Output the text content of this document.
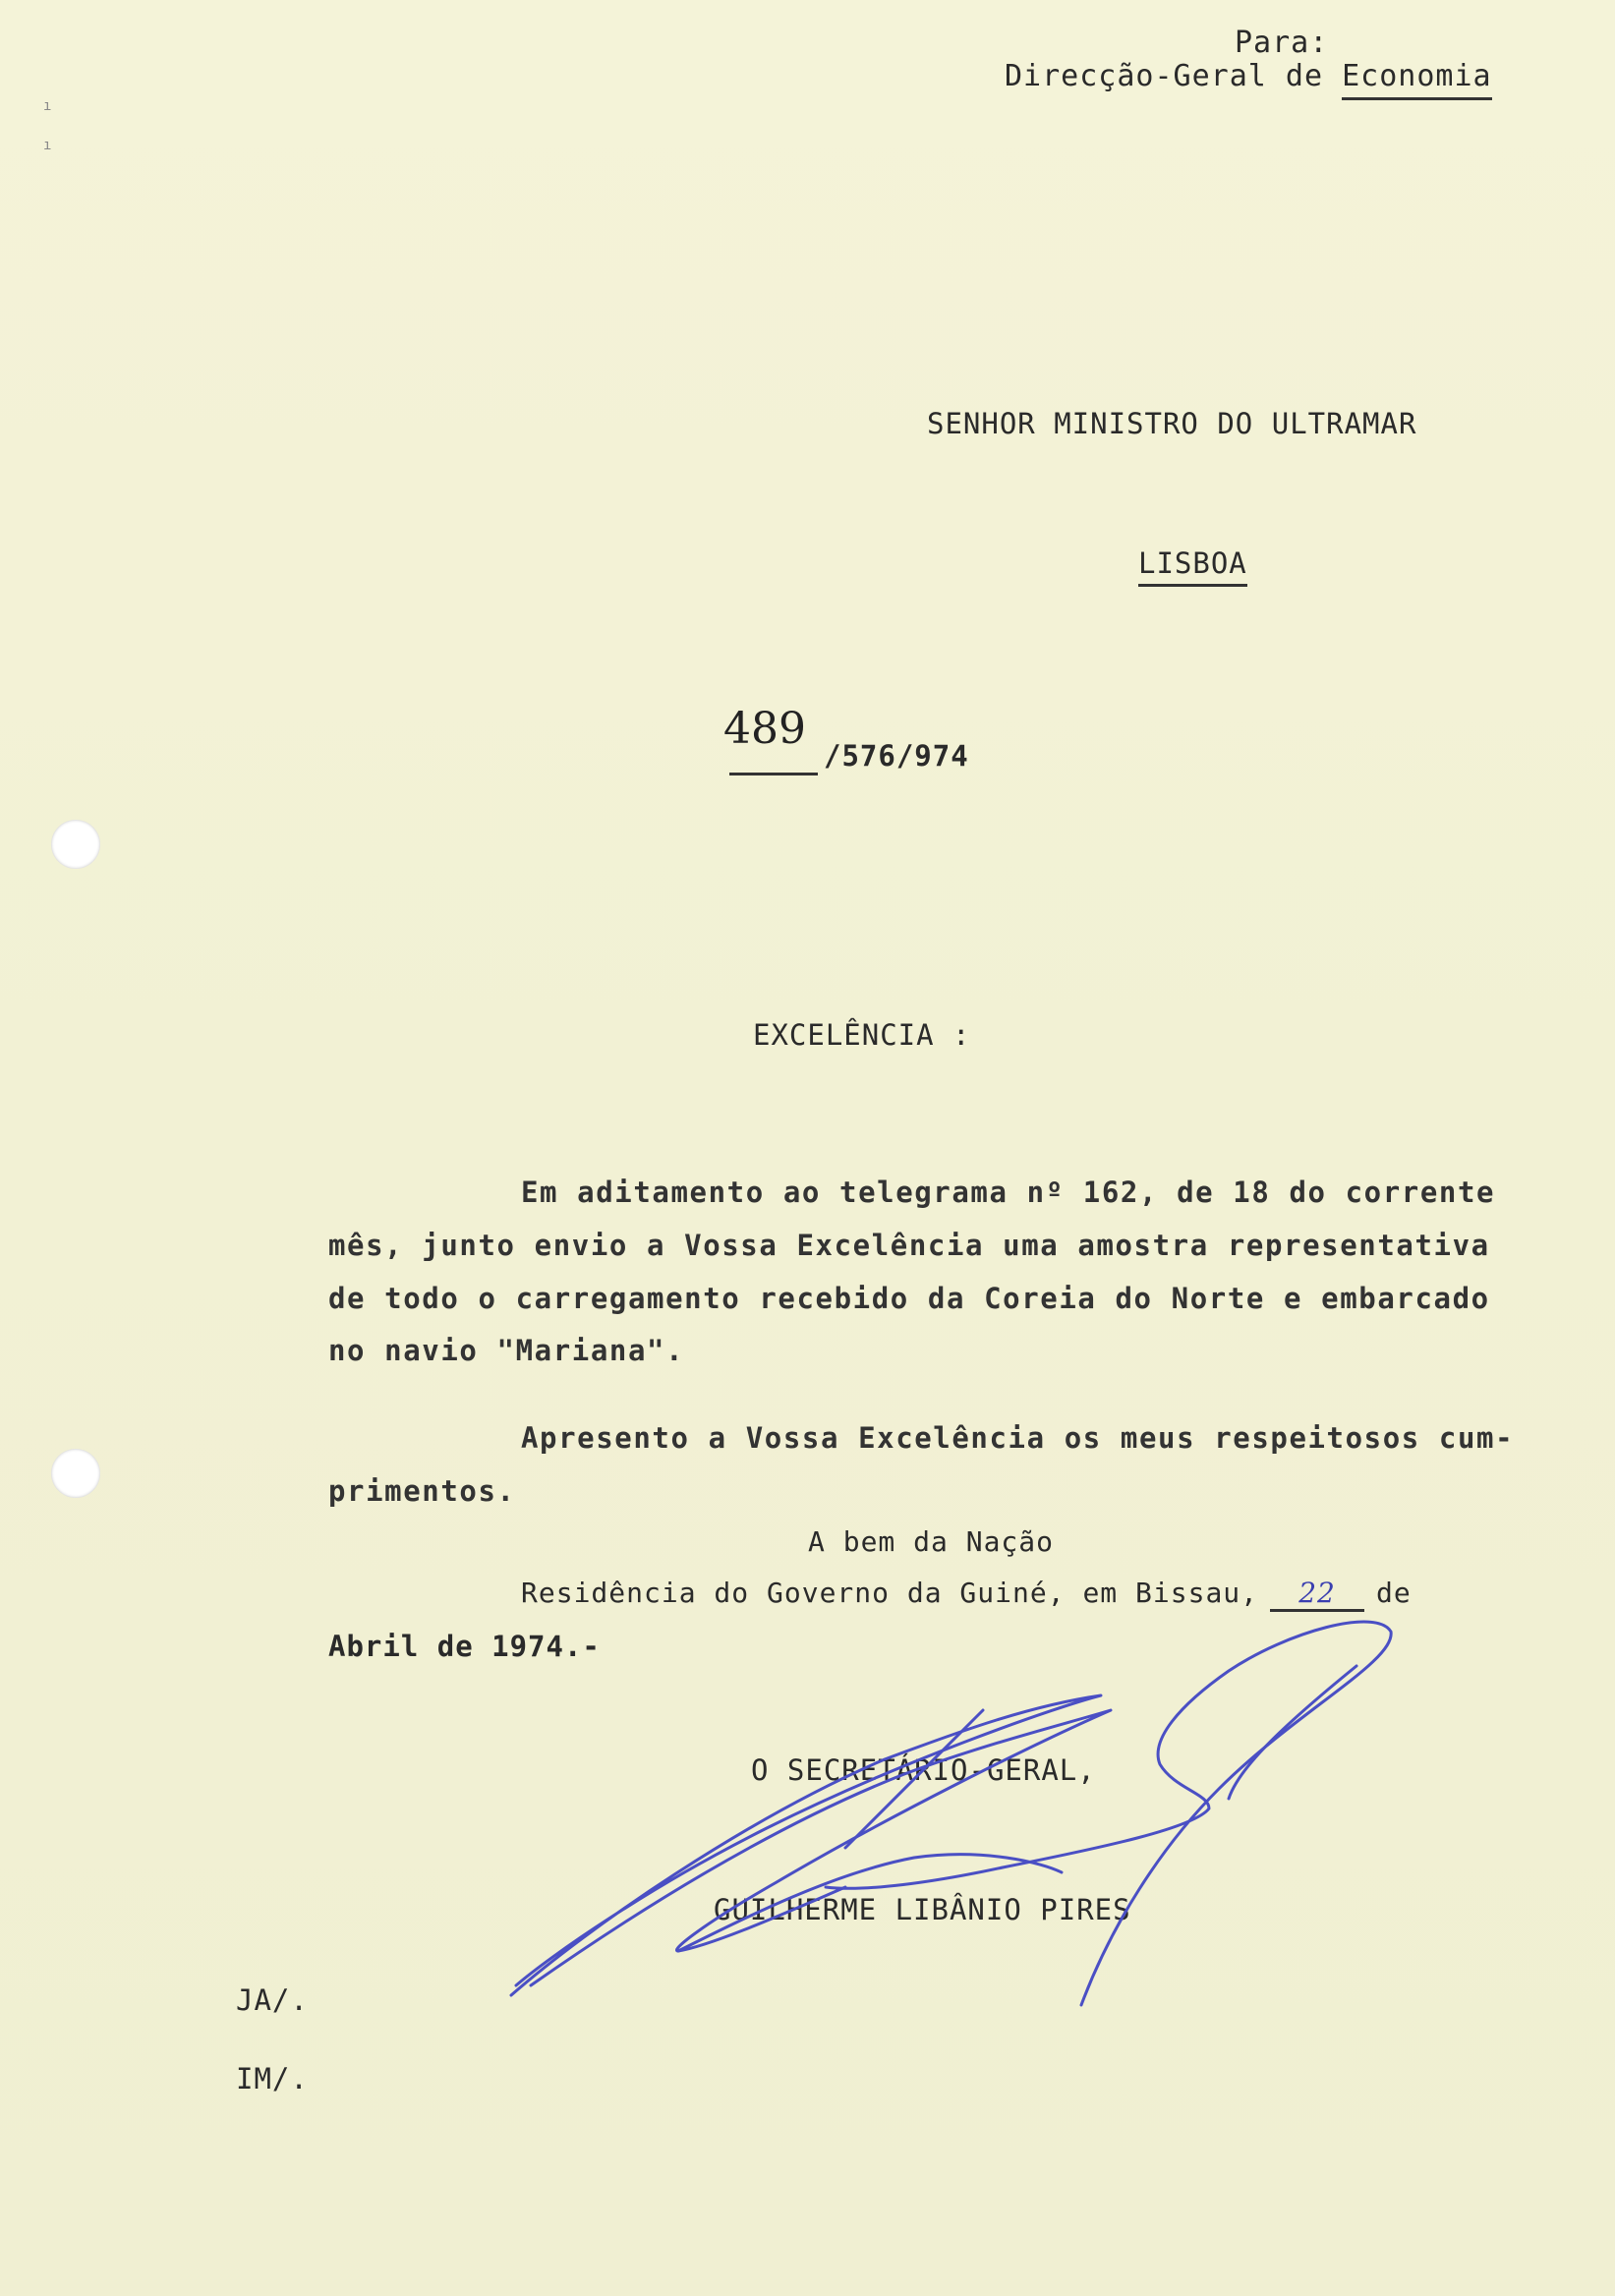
ı
ı
Para:
Direcção-Geral de Economia
SENHOR MINISTRO DO ULTRAMAR
LISBOA
489
/576/974
EXCELÊNCIA :
Em aditamento ao telegrama nº 162, de 18 do corrente
mês, junto envio a Vossa Excelência uma amostra representativa
de todo o carregamento recebido da Coreia do Norte e embarcado
no navio "Mariana".
Apresento a Vossa Excelência os meus respeitosos cum-
primentos.
A bem da Nação
Residência do Governo da Guiné, em Bissau, 22 de
Abril de 1974.-
O SECRETÁRIO-GERAL,
GUILHERME LIBÂNIO PIRES
JA/.
IM/.
